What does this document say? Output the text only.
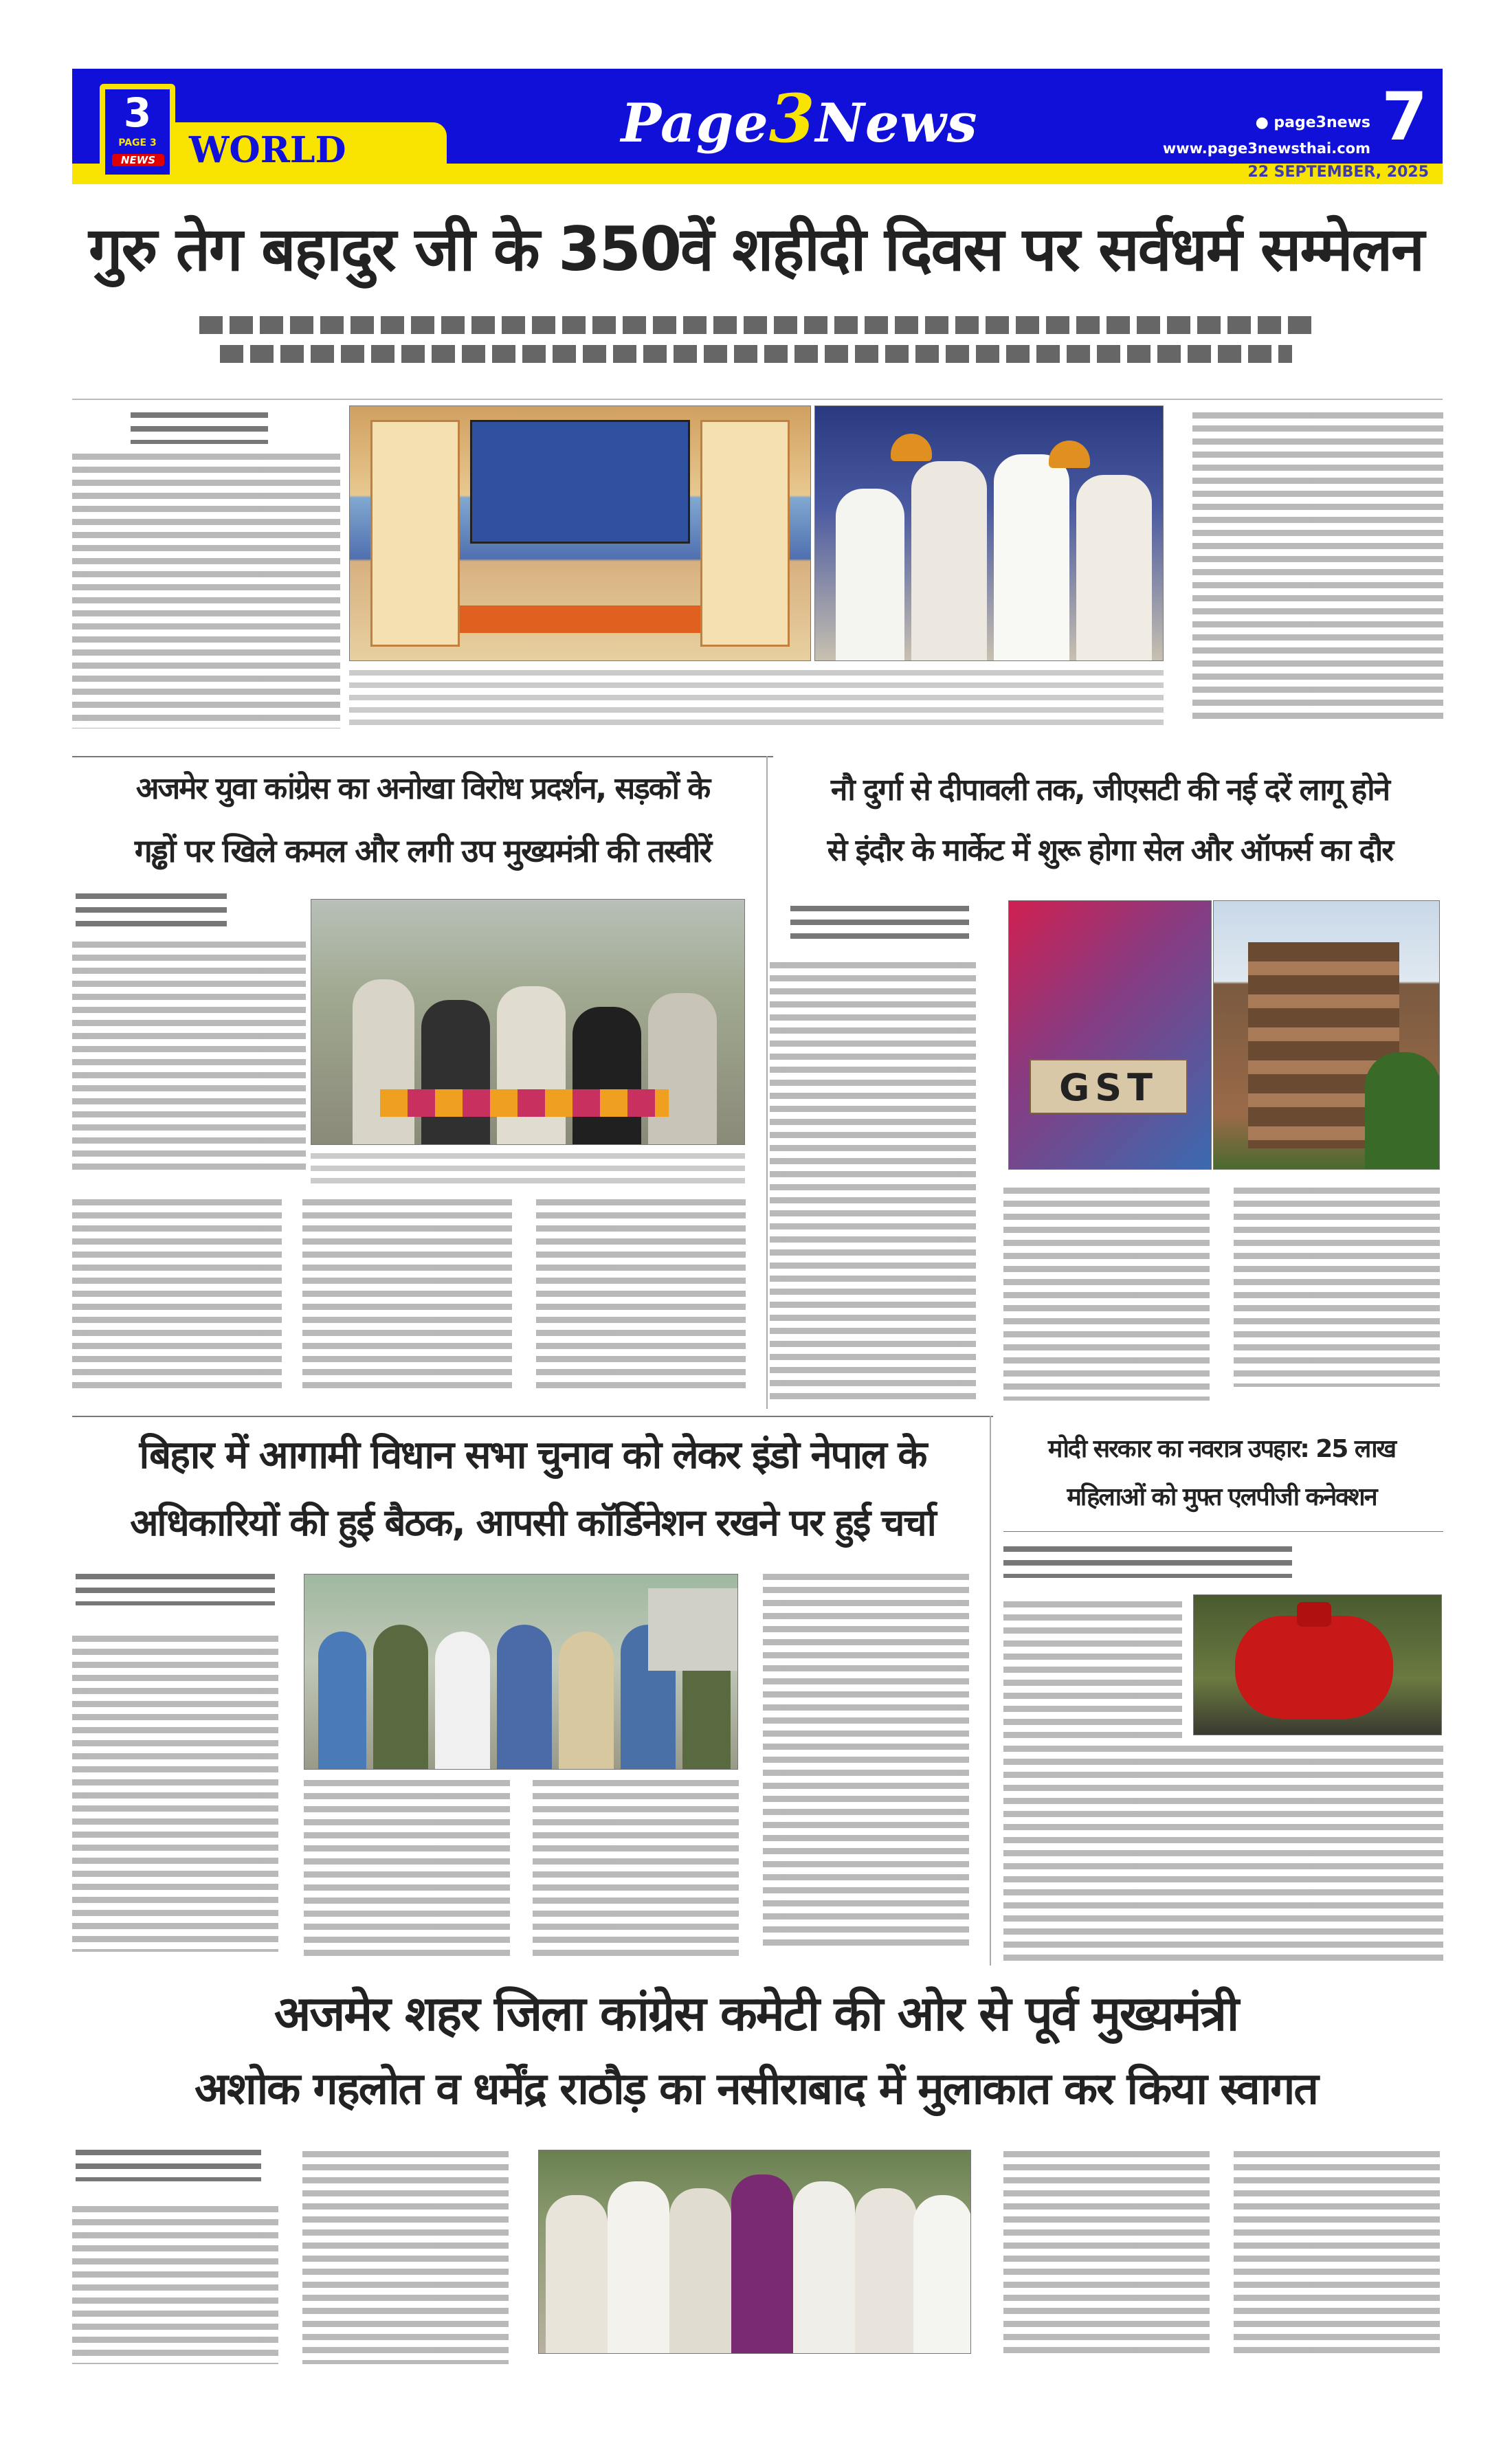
WORLD
3
PAGE 3
NEWS
Page3News	● page3news
www.page3newsthai.com
22 SEPTEMBER, 2025
7
गुरु तेग बहादुर जी के 350वें शहीदी दिवस पर सर्वधर्म सम्मेलन
अजमेर युवा कांग्रेस का अनोखा विरोध प्रदर्शन, सड़कों के
गड्ढों पर खिले कमल और लगी उप मुख्यमंत्री की तस्वीरें
नौ दुर्गा से दीपावली तक, जीएसटी की नई दरें लागू होने
से इंदौर के मार्केट में शुरू होगा सेल और ऑफर्स का दौर
GST
बिहार में आगामी विधान सभा चुनाव को लेकर इंडो नेपाल के
अधिकारियों की हुई बैठक, आपसी कॉर्डिनेशन रखने पर हुई चर्चा
मोदी सरकार का नवरात्र उपहार: 25 लाख
महिलाओं को मुफ्त एलपीजी कनेक्शन
अजमेर शहर जिला कांग्रेस कमेटी की ओर से पूर्व मुख्यमंत्री
अशोक गहलोत व धर्मेंद्र राठौड़ का नसीराबाद में मुलाकात कर किया स्वागत
